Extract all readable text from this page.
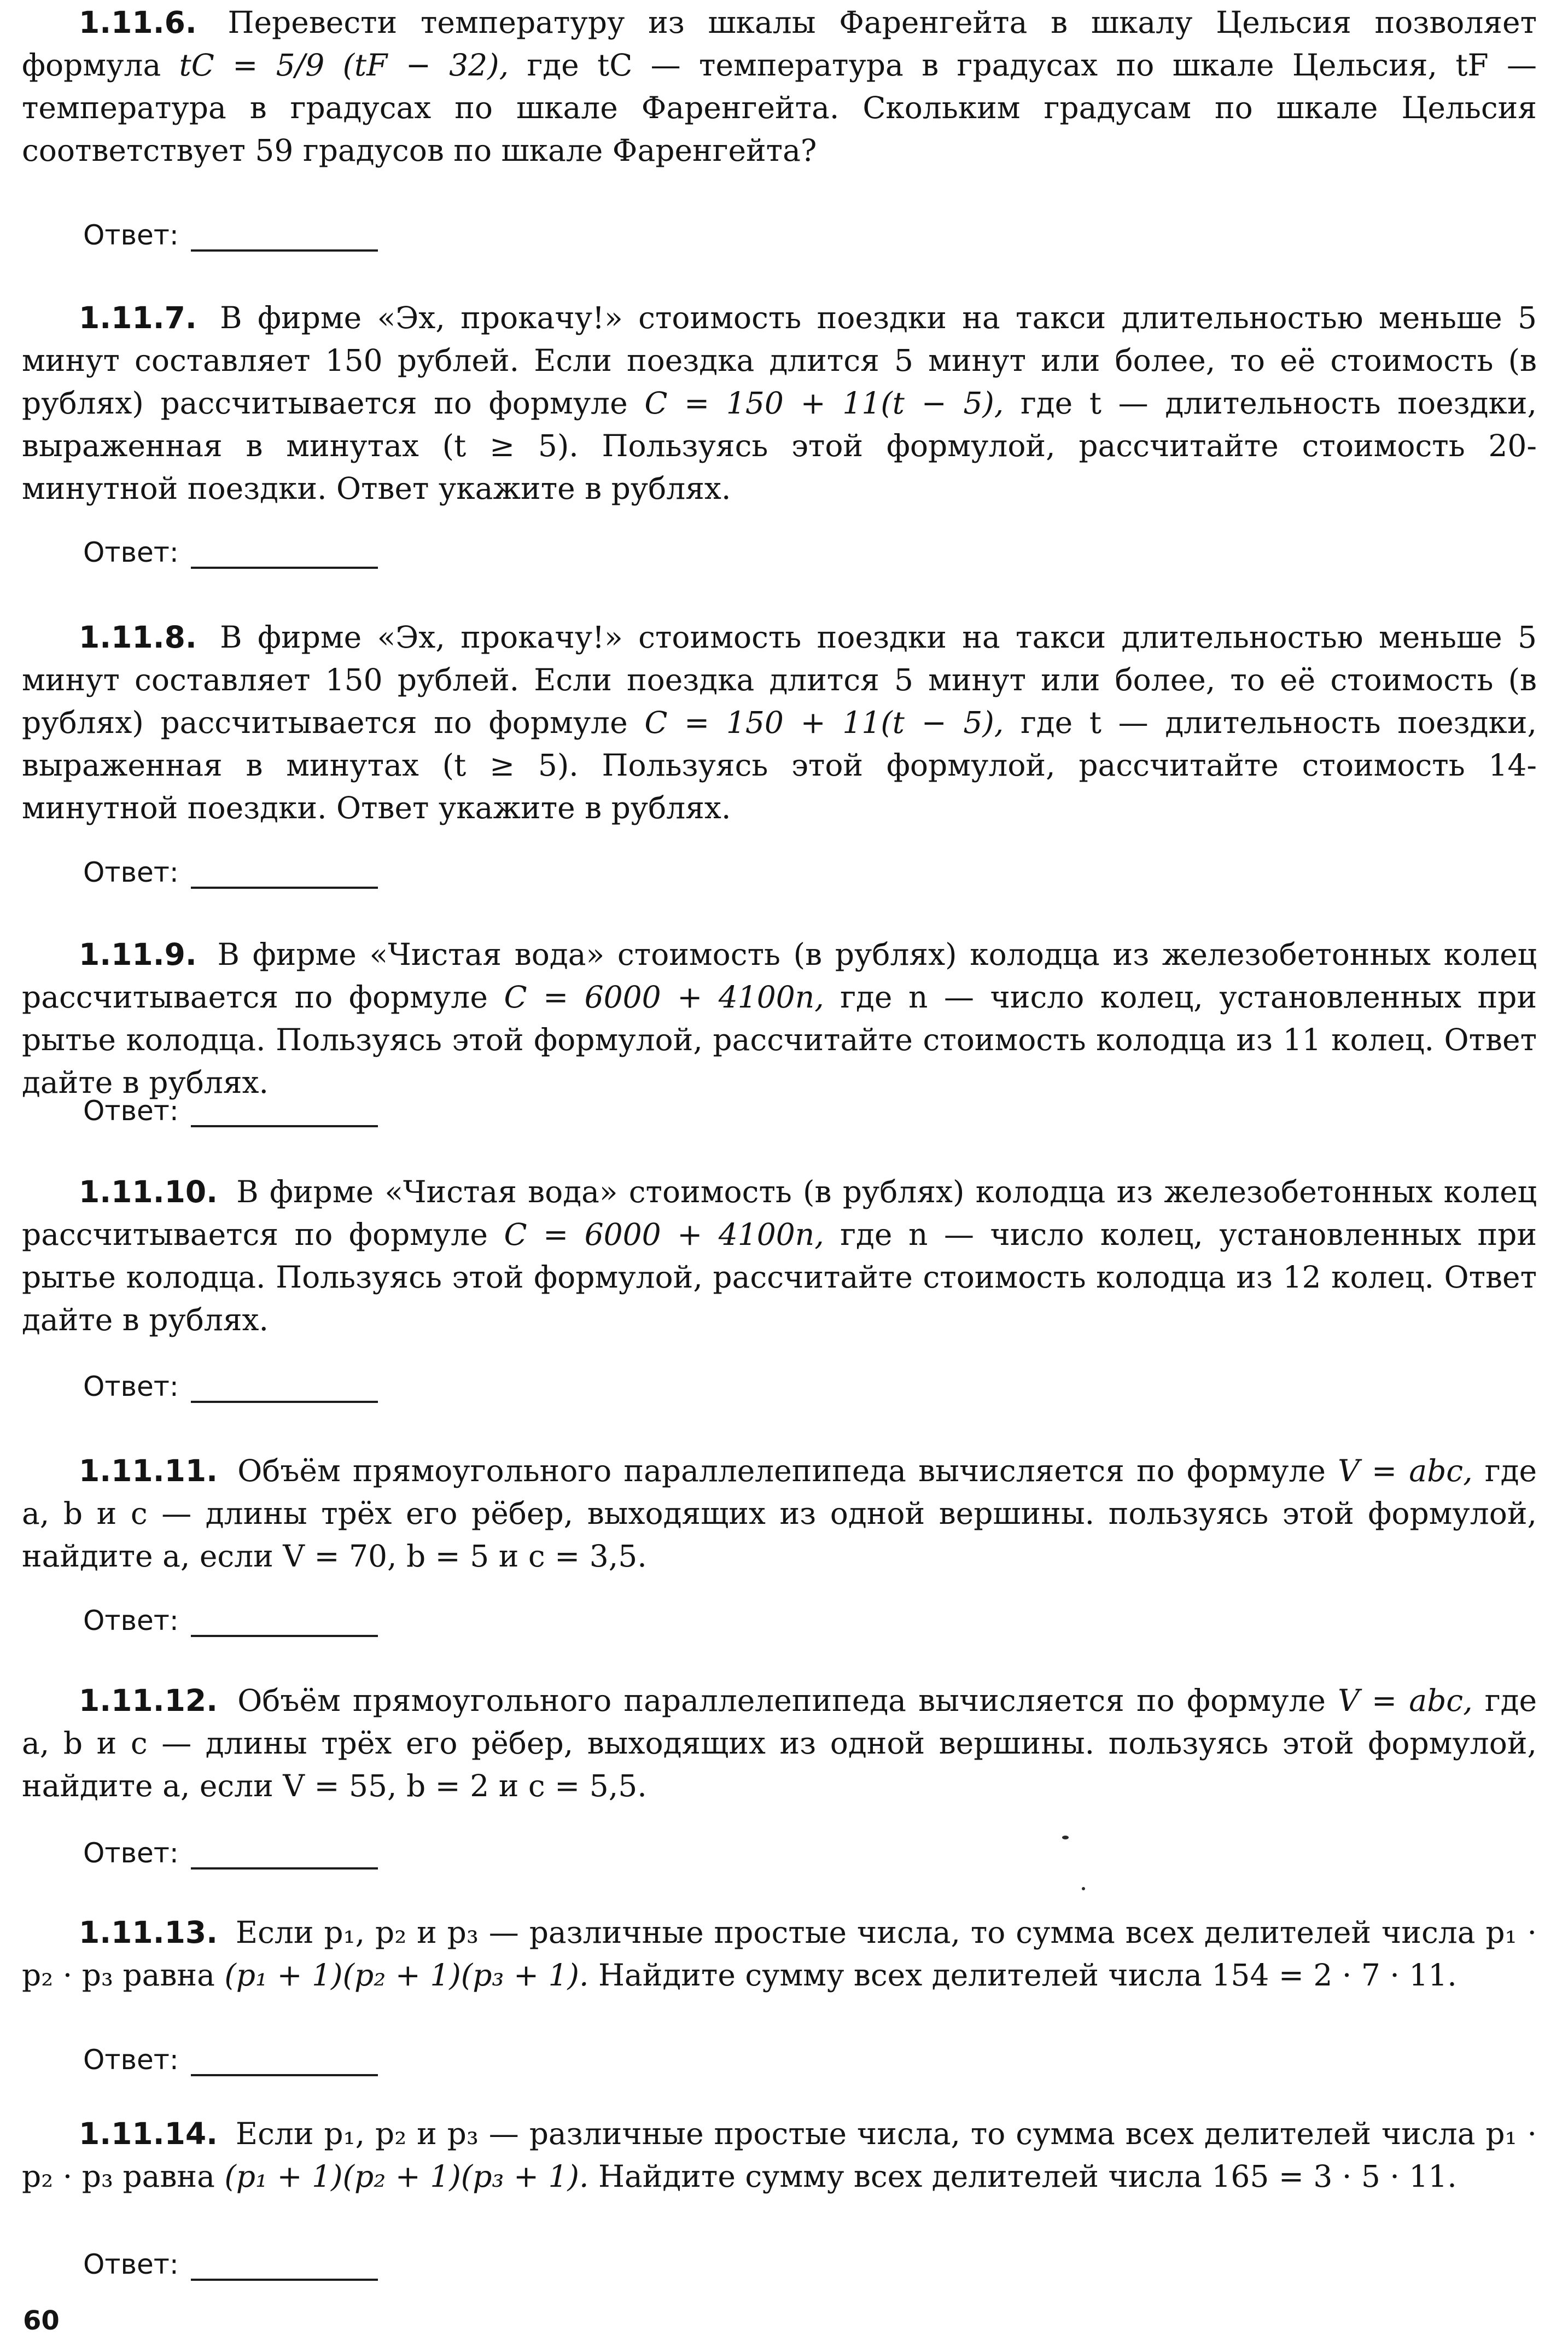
1.11.6. Перевести температуру из шкалы Фаренгейта в шкалу Цельсия позволяет формула tC = 5/9 (tF − 32), где tC — температура в градусах по шкале Цельсия, tF — температура в градусах по шкале Фаренгейта. Скольким градусам по шкале Цельсия соответствует 59 градусов по шкале Фаренгейта?
Ответ:
1.11.7. В фирме «Эх, прокачу!» стоимость поездки на такси длительностью меньше 5 минут составляет 150 рублей. Если поездка длится 5 минут или более, то её стоимость (в рублях) рассчитывается по формуле C = 150 + 11(t − 5), где t — длительность поездки, выраженная в минутах (t ≥ 5). Пользуясь этой формулой, рассчитайте стоимость 20-минутной поездки. Ответ укажите в рублях.
Ответ:
1.11.8. В фирме «Эх, прокачу!» стоимость поездки на такси длительностью меньше 5 минут составляет 150 рублей. Если поездка длится 5 минут или более, то её стоимость (в рублях) рассчитывается по формуле C = 150 + 11(t − 5), где t — длительность поездки, выраженная в минутах (t ≥ 5). Пользуясь этой формулой, рассчитайте стоимость 14-минутной поездки. Ответ укажите в рублях.
Ответ:
1.11.9. В фирме «Чистая вода» стоимость (в рублях) колодца из железобетонных колец рассчитывается по формуле C = 6000 + 4100n, где n — число колец, установленных при рытье колодца. Пользуясь этой формулой, рассчитайте стоимость колодца из 11 колец. Ответ дайте в рублях.
Ответ:
1.11.10. В фирме «Чистая вода» стоимость (в рублях) колодца из железобетонных колец рассчитывается по формуле C = 6000 + 4100n, где n — число колец, установленных при рытье колодца. Пользуясь этой формулой, рассчитайте стоимость колодца из 12 колец. Ответ дайте в рублях.
Ответ:
1.11.11. Объём прямоугольного параллелепипеда вычисляется по формуле V = abc, где a, b и c — длины трёх его рёбер, выходящих из одной вершины. пользуясь этой формулой, найдите a, если V = 70, b = 5 и c = 3,5.
Ответ:
1.11.12. Объём прямоугольного параллелепипеда вычисляется по формуле V = abc, где a, b и c — длины трёх его рёбер, выходящих из одной вершины. пользуясь этой формулой, найдите a, если V = 55, b = 2 и c = 5,5.
Ответ:
1.11.13. Если p₁, p₂ и p₃ — различные простые числа, то сумма всех делителей числа p₁ · p₂ · p₃ равна (p₁ + 1)(p₂ + 1)(p₃ + 1). Найдите сумму всех делителей числа 154 = 2 · 7 · 11.
Ответ:
1.11.14. Если p₁, p₂ и p₃ — различные простые числа, то сумма всех делителей числа p₁ · p₂ · p₃ равна (p₁ + 1)(p₂ + 1)(p₃ + 1). Найдите сумму всех делителей числа 165 = 3 · 5 · 11.
Ответ:
60
